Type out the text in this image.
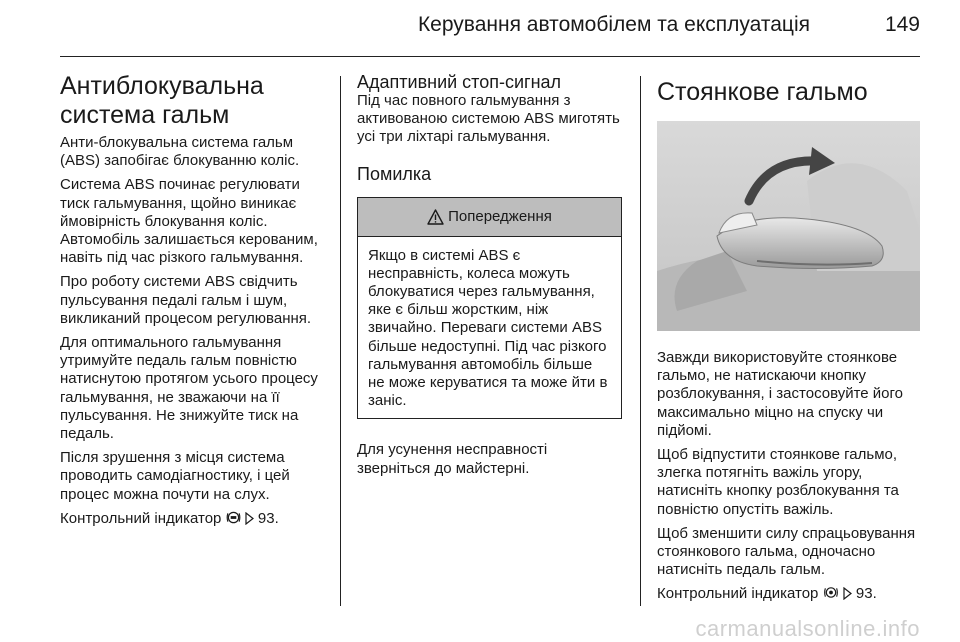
Керування автомобілем та експлуатація	149
Антиблокувальна система гальм

Анти-блокувальна система гальм (ABS) запобігає блокуванню коліс.

Система ABS починає регулювати тиск гальмування, щойно виникає ймовірність блокування коліс. Автомобіль залишається керованим, навіть під час різкого гальмування.

Про роботу системи ABS свідчить пульсування педалі гальм і шум, викликаний процесом регулювання.

Для оптимального гальмування утримуйте педаль гальм повністю натиснутою протягом усього процесу гальмування, не зважаючи на її пульсування. Не знижуйте тиск на педаль.

Після зрушення з місця система проводить самодіагностику, і цей процес можна почути на слух.

Контрольний індикатор 93.

Адаптивний стоп-сигнал

Під час повного гальмування з активованою системою ABS миготять усі три ліхтарі гальмування.

Помилка
Попередження

Якщо в системі ABS є несправність, колеса можуть блокуватися через гальмування, яке є більш жорстким, ніж звичайно. Переваги системи ABS більше недоступні. Під час різкого гальмування автомобіль більше не може керуватися та може йти в заніс.

Для усунення несправності зверніться до майстерні.

Стоянкове гальмо

Завжди використовуйте стоянкове гальмо, не натискаючи кнопку розблокування, і застосовуйте його максимально міцно на спуску чи підйомі.

Щоб відпустити стоянкове гальмо, злегка потягніть важіль угору, натисніть кнопку розблокування та повністю опустіть важіль.

Щоб зменшити силу спрацьовування стоянкового гальма, одночасно натисніть педаль гальм.

Контрольний індикатор	93.

carmanualsonline.info
